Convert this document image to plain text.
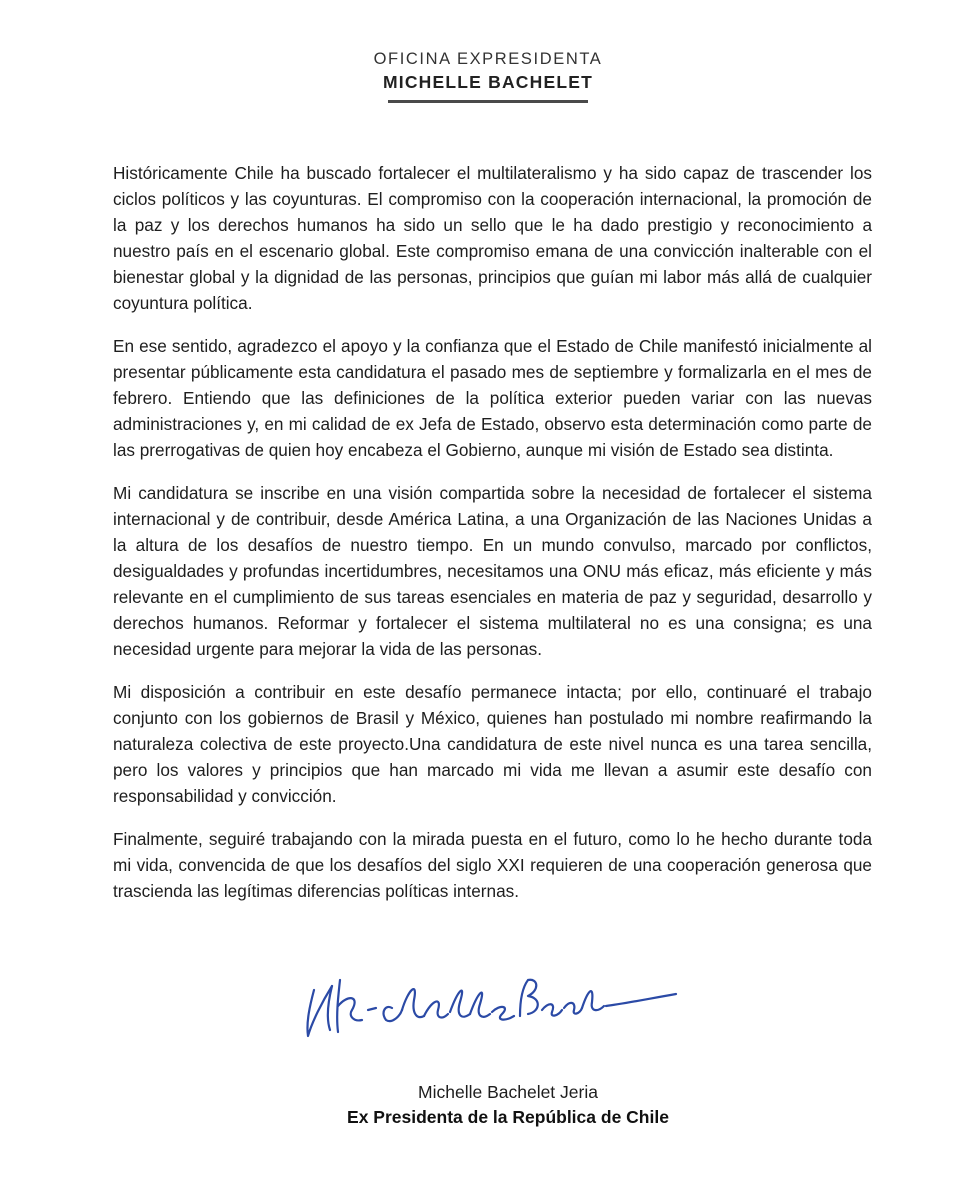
OFICINA EXPRESIDENTA
MICHELLE BACHELET

Históricamente Chile ha buscado fortalecer el multilateralismo y ha sido capaz de trascender los ciclos políticos y las coyunturas. El compromiso con la cooperación internacional, la promoción de la paz y los derechos humanos ha sido un sello que le ha dado prestigio y reconocimiento a nuestro país en el escenario global. Este compromiso emana de una convicción inalterable con el bienestar global y la dignidad de las personas, principios que guían mi labor más allá de cualquier coyuntura política.

En ese sentido, agradezco el apoyo y la confianza que el Estado de Chile manifestó inicialmente al presentar públicamente esta candidatura el pasado mes de septiembre y formalizarla en el mes de febrero. Entiendo que las definiciones de la política exterior pueden variar con las nuevas administraciones y, en mi calidad de ex Jefa de Estado, observo esta determinación como parte de las prerrogativas de quien hoy encabeza el Gobierno, aunque mi visión de Estado sea distinta.

Mi candidatura se inscribe en una visión compartida sobre la necesidad de fortalecer el sistema internacional y de contribuir, desde América Latina, a una Organización de las Naciones Unidas a la altura de los desafíos de nuestro tiempo. En un mundo convulso, marcado por conflictos, desigualdades y profundas incertidumbres, necesitamos una ONU más eficaz, más eficiente y más relevante en el cumplimiento de sus tareas esenciales en materia de paz y seguridad, desarrollo y derechos humanos. Reformar y fortalecer el sistema multilateral no es una consigna; es una necesidad urgente para mejorar la vida de las personas.

Mi disposición a contribuir en este desafío permanece intacta; por ello, continuaré el trabajo conjunto con los gobiernos de Brasil y México, quienes han postulado mi nombre reafirmando la naturaleza colectiva de este proyecto.Una candidatura de este nivel nunca es una tarea sencilla, pero los valores y principios que han marcado mi vida me llevan a asumir este desafío con responsabilidad y convicción.

Finalmente, seguiré trabajando con la mirada puesta en el futuro, como lo he hecho durante toda mi vida, convencida de que los desafíos del siglo XXI requieren de una cooperación generosa que trascienda las legítimas diferencias políticas internas.

Michelle Bachelet Jeria
Ex Presidenta de la República de Chile
